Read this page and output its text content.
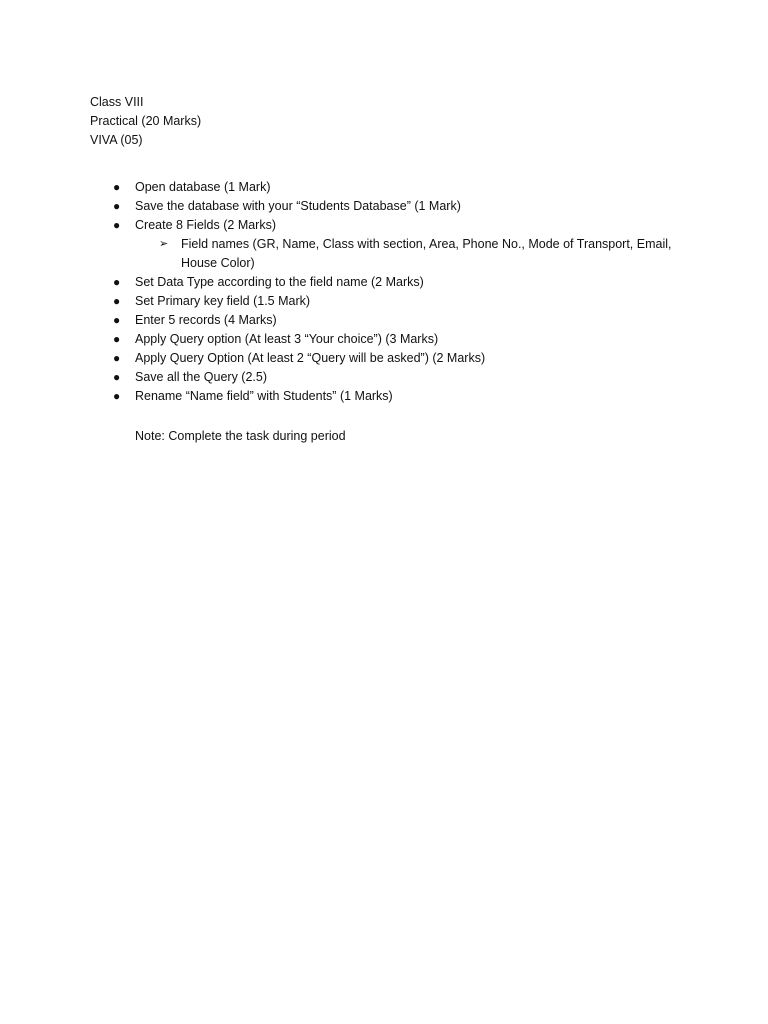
Class VIII
Practical (20 Marks)
VIVA (05)
● Open database (1 Mark)
● Save the database with your “Students Database” (1 Mark)
● Create 8 Fields (2 Marks)
➢ Field names (GR, Name, Class with section, Area, Phone No., Mode of Transport, Email, House Color)
● Set Data Type according to the field name (2 Marks)
● Set Primary key field (1.5 Mark)
● Enter 5 records (4 Marks)
● Apply Query option (At least 3 “Your choice”) (3 Marks)
● Apply Query Option (At least 2 “Query will be asked”) (2 Marks)
● Save all the Query (2.5)
● Rename “Name field” with Students” (1 Marks)
Note: Complete the task during period
